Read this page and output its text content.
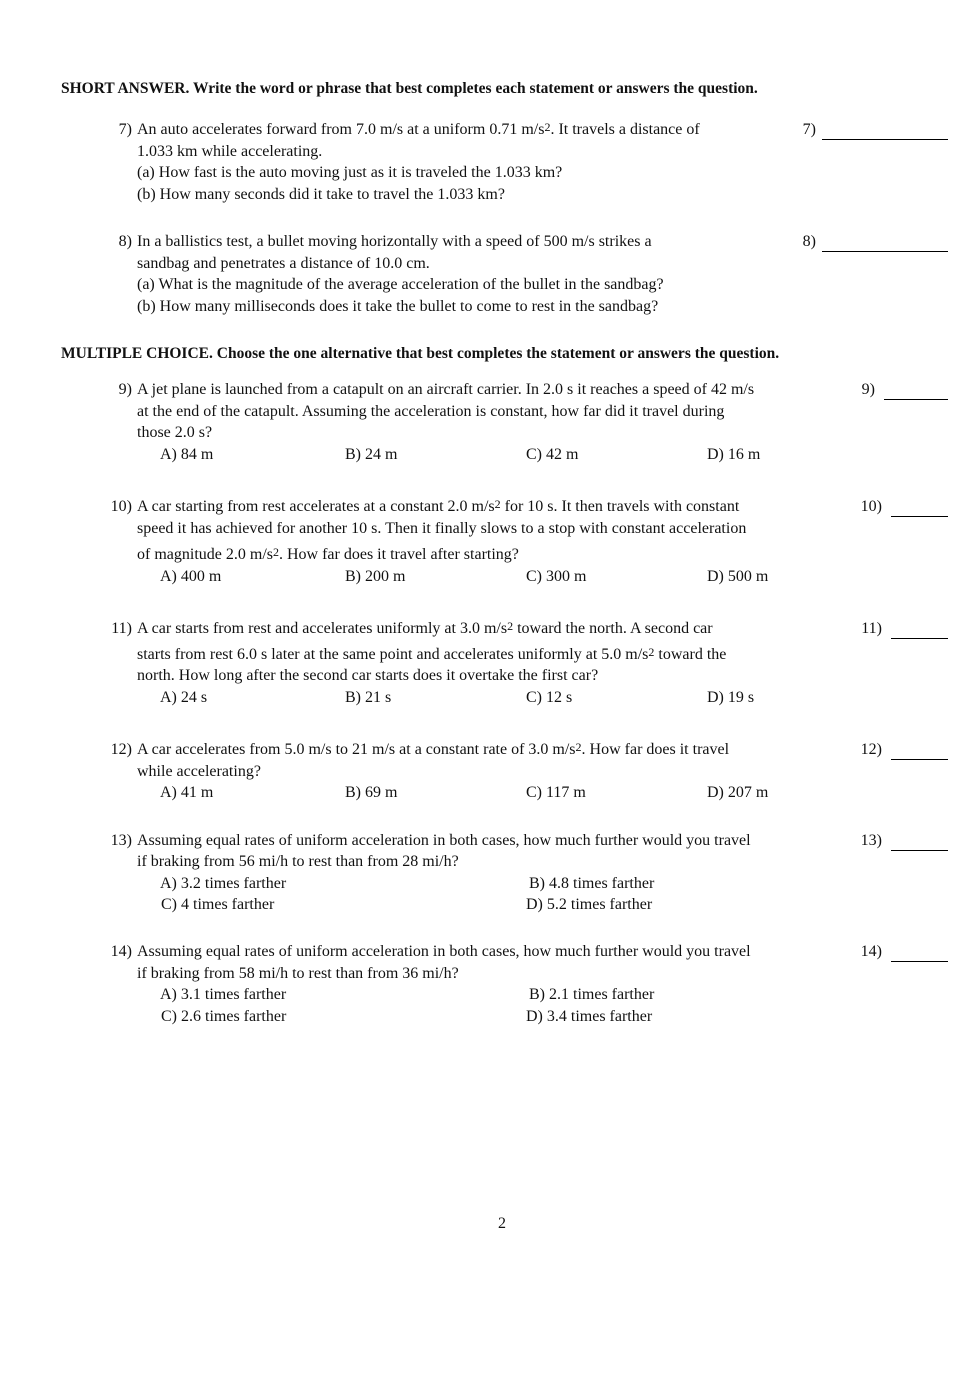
SHORT ANSWER. Write the word or phrase that best completes each statement or answers the question.
7) An auto accelerates forward from 7.0 m/s at a uniform 0.71 $m/s^2$. It travels a distance of
1.033 km while accelerating.
(a) How fast is the auto moving just as it is traveled the 1.033 km?
(b) How many seconds did it take to travel the 1.033 km?
7)
8) In a ballistics test, a bullet moving horizontally with a speed of 500 m/s strikes a
sandbag and penetrates a distance of 10.0 cm.
(a) What is the magnitude of the average acceleration of the bullet in the sandbag?
(b) How many milliseconds does it take the bullet to come to rest in the sandbag?
8)
MULTIPLE CHOICE. Choose the one alternative that best completes the statement or answers the question.
9) A jet plane is launched from a catapult on an aircraft carrier. In 2.0 s it reaches a speed of 42 m/s
at the end of the catapult. Assuming the acceleration is constant, how far did it travel during
those 2.0 s?
A) 84 m	B) 24 m	C) 42 m	D) 16 m
9)
10) A car starting from rest accelerates at a constant 2.0 $m/s^2$ for 10 s. It then travels with constant
speed it has achieved for another 10 s. Then it finally slows to a stop with constant acceleration
of magnitude 2.0 $m/s^2$. How far does it travel after starting?
A) 400 m	B) 200 m	C) 300 m	D) 500 m
10)
11) A car starts from rest and accelerates uniformly at 3.0 $m/s^2$ toward the north. A second car
starts from rest 6.0 s later at the same point and accelerates uniformly at 5.0 $m/s^2$ toward the
north. How long after the second car starts does it overtake the first car?
A) 24 s	B) 21 s	C) 12 s	D) 19 s
11)
12) A car accelerates from 5.0 m/s to 21 m/s at a constant rate of 3.0 $m/s^2$. How far does it travel
while accelerating?
A) 41 m	B) 69 m	C) 117 m	D) 207 m
12)
13) Assuming equal rates of uniform acceleration in both cases, how much further would you travel
if braking from 56 mi/h to rest than from 28 mi/h?
A) 3.2 times farther	B) 4.8 times farther
C) 4 times farther	D) 5.2 times farther
13)
14) Assuming equal rates of uniform acceleration in both cases, how much further would you travel
if braking from 58 mi/h to rest than from 36 mi/h?
A) 3.1 times farther	B) 2.1 times farther
C) 2.6 times farther	D) 3.4 times farther
14)
2
